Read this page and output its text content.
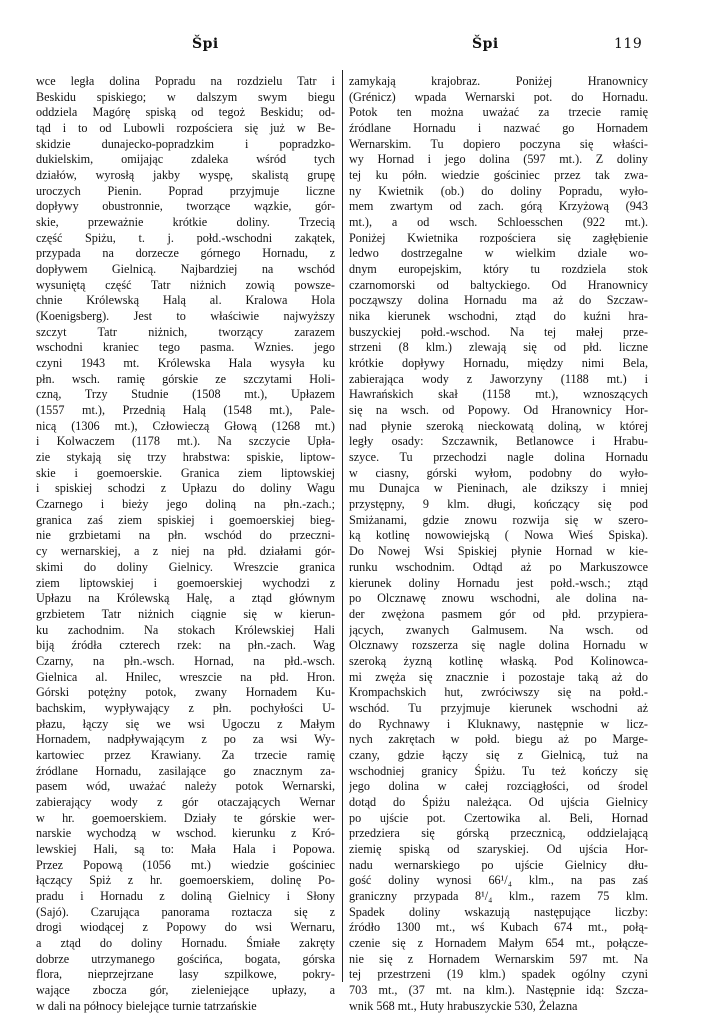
Špi	Špi	119
wce legła dolina Popradu na rozdzielu Tatr i
Beskidu spiskiego; w dalszym swym biegu
oddziela Magórę spiską od tegoż Beskidu; od-
tąd i to od Lubowli rozpościera się już w Be-
skidzie dunajecko-popradzkim i popradzko-
dukielskim, omijając zdaleka wśród tych
działów, wyrosłą jakby wyspę, skalistą grupę
uroczych Pienin. Poprad przyjmuje liczne
dopływy obustronnie, tworzące wązkie, gór-
skie, przeważnie krótkie doliny. Trzecią
część Spiżu, t. j. połd.-wschodni zakątek,
przypada na dorzecze górnego Hornadu, z
dopływem Gielnicą. Najbardziej na wschód
wysuniętą część Tatr niżnich zowią powsze-
chnie Królewską Halą al. Kralowa Hola
(Koenigsberg). Jest to właściwie najwyższy
szczyt Tatr niżnich, tworzący zarazem
wschodni kraniec tego pasma. Wznies. jego
czyni 1943 mt. Królewska Hala wysyła ku
płn. wsch. ramię górskie ze szczytami Holi-
czną, Trzy Studnie (1508 mt.), Upłazem
(1557 mt.), Przednią Halą (1548 mt.), Pale-
nicą (1306 mt.), Człowieczą Głową (1268 mt.)
i Kolwaczem (1178 mt.). Na szczycie Upła-
zie stykają się trzy hrabstwa: spiskie, liptow-
skie i goemoerskie. Granica ziem liptowskiej
i spiskiej schodzi z Upłazu do doliny Wagu
Czarnego i bieży jego doliną na płn.-zach.;
granica zaś ziem spiskiej i goemoerskiej bieg-
nie grzbietami na płn. wschód do przeczni-
cy wernarskiej, a z niej na płd. działami gór-
skimi do doliny Gielnicy. Wreszcie granica
ziem liptowskiej i goemoerskiej wychodzi z
Upłazu na Królewską Halę, a ztąd głównym
grzbietem Tatr niżnich ciągnie się w kierun-
ku zachodnim. Na stokach Królewskiej Hali
biją źródła czterech rzek: na płn.-zach. Wag
Czarny, na płn.-wsch. Hornad, na płd.-wsch.
Gielnica al. Hnilec, wreszcie na płd. Hron.
Górski potężny potok, zwany Hornadem Ku-
bachskim, wypływający z płn. pochyłości U-
płazu, łączy się we wsi Ugoczu z Małym
Hornadem, nadpływającym z po za wsi Wy-
kartowiec przez Krawiany. Za trzecie ramię
źródlane Hornadu, zasilające go znacznym za-
pasem wód, uważać należy potok Wernarski,
zabierający wody z gór otaczających Wernar
w hr. goemoerskiem. Działy te górskie wer-
narskie wychodzą w wschod. kierunku z Kró-
lewskiej Hali, są to: Mała Hala i Popowa.
Przez Popową (1056 mt.) wiedzie gościniec
łączący Spiż z hr. goemoerskiem, dolinę Po-
pradu i Hornadu z doliną Gielnicy i Słony
(Sajó). Czarująca panorama roztacza się z
drogi wiodącej z Popowy do wsi Wernaru,
a ztąd do doliny Hornadu. Śmiałe zakręty
dobrze utrzymanego gościńca, bogata, górska
flora, nieprzejrzane lasy szpilkowe, pokry-
wające zbocza gór, zieleniejące upłazy, a
w dali na północy bielejące turnie tatrzańskie
zamykają krajobraz. Poniżej Hranownicy
(Grénicz) wpada Wernarski pot. do Hornadu.
Potok ten można uważać za trzecie ramię
źródlane Hornadu i nazwać go Hornadem
Wernarskim. Tu dopiero poczyna się właści-
wy Hornad i jego dolina (597 mt.). Z doliny
tej ku półn. wiedzie gościniec przez tak zwa-
ny Kwietnik (ob.) do doliny Popradu, wyło-
mem zwartym od zach. górą Krzyżową (943
mt.), a od wsch. Schloesschen (922 mt.).
Poniżej Kwietnika rozpościera się zagłębienie
ledwo dostrzegalne w wielkim dziale wo-
dnym europejskim, który tu rozdziela stok
czarnomorski od baltyckiego. Od Hranownicy
począwszy dolina Hornadu ma aż do Szczaw-
nika kierunek wschodni, ztąd do kuźni hra-
buszyckiej połd.-wschod. Na tej małej prze-
strzeni (8 klm.) zlewają się od płd. liczne
krótkie dopływy Hornadu, między nimi Bela,
zabierająca wody z Jaworzyny (1188 mt.) i
Hawrańskich skał (1158 mt.), wznoszących
się na wsch. od Popowy. Od Hranownicy Hor-
nad płynie szeroką nieckowatą doliną, w której
legły osady: Szczawnik, Betlanowce i Hrabu-
szyce. Tu przechodzi nagle dolina Hornadu
w ciasny, górski wyłom, podobny do wyło-
mu Dunajca w Pieninach, ale dzikszy i mniej
przystępny, 9 klm. długi, kończący się pod
Smiżanami, gdzie znowu rozwija się w szero-
ką kotlinę nowowiejską ( Nowa Wieś Spiska).
Do Nowej Wsi Spiskiej płynie Hornad w kie-
runku wschodnim. Odtąd aż po Markuszowce
kierunek doliny Hornadu jest połd.-wsch.; ztąd
po Olcznawę znowu wschodni, ale dolina na-
der zwężona pasmem gór od płd. przypiera-
jących, zwanych Galmusem. Na wsch. od
Olcznawy rozszerza się nagle dolina Hornadu w
szeroką żyzną kotlinę właską. Pod Kolinowca-
mi zwęża się znacznie i pozostaje taką aż do
Krompachskich hut, zwróciwszy się na połd.-
wschód. Tu przyjmuje kierunek wschodni aż
do Rychnawy i Kluknawy, następnie w licz-
nych zakrętach w połd. biegu aż po Marge-
czany, gdzie łączy się z Gielnicą, tuż na
wschodniej granicy Śpiżu. Tu też kończy się
jego dolina w całej rozciągłości, od środel
dotąd do Śpiżu należąca. Od ujścia Gielnicy
po ujście pot. Czertowika al. Beli, Hornad
przedziera się górską przecznicą, oddzielającą
ziemię spiską od szaryskiej. Od ujścia Hor-
nadu wernarskiego po ujście Gielnicy dłu-
gość doliny wynosi 66¹/₄ klm., na pas zaś
graniczny przypada 8¹/₄ klm., razem 75 klm.
Spadek doliny wskazują następujące liczby:
źródło 1300 mt., wś Kubach 674 mt., połą-
czenie się z Hornadem Małym 654 mt., połącze-
nie się z Hornadem Wernarskim 597 mt. Na
tej przestrzeni (19 klm.) spadek ogólny czyni
703 mt., (37 mt. na klm.). Następnie idą: Szcza-
wnik 568 mt., Huty hrabuszyckie 530, Żelazna
